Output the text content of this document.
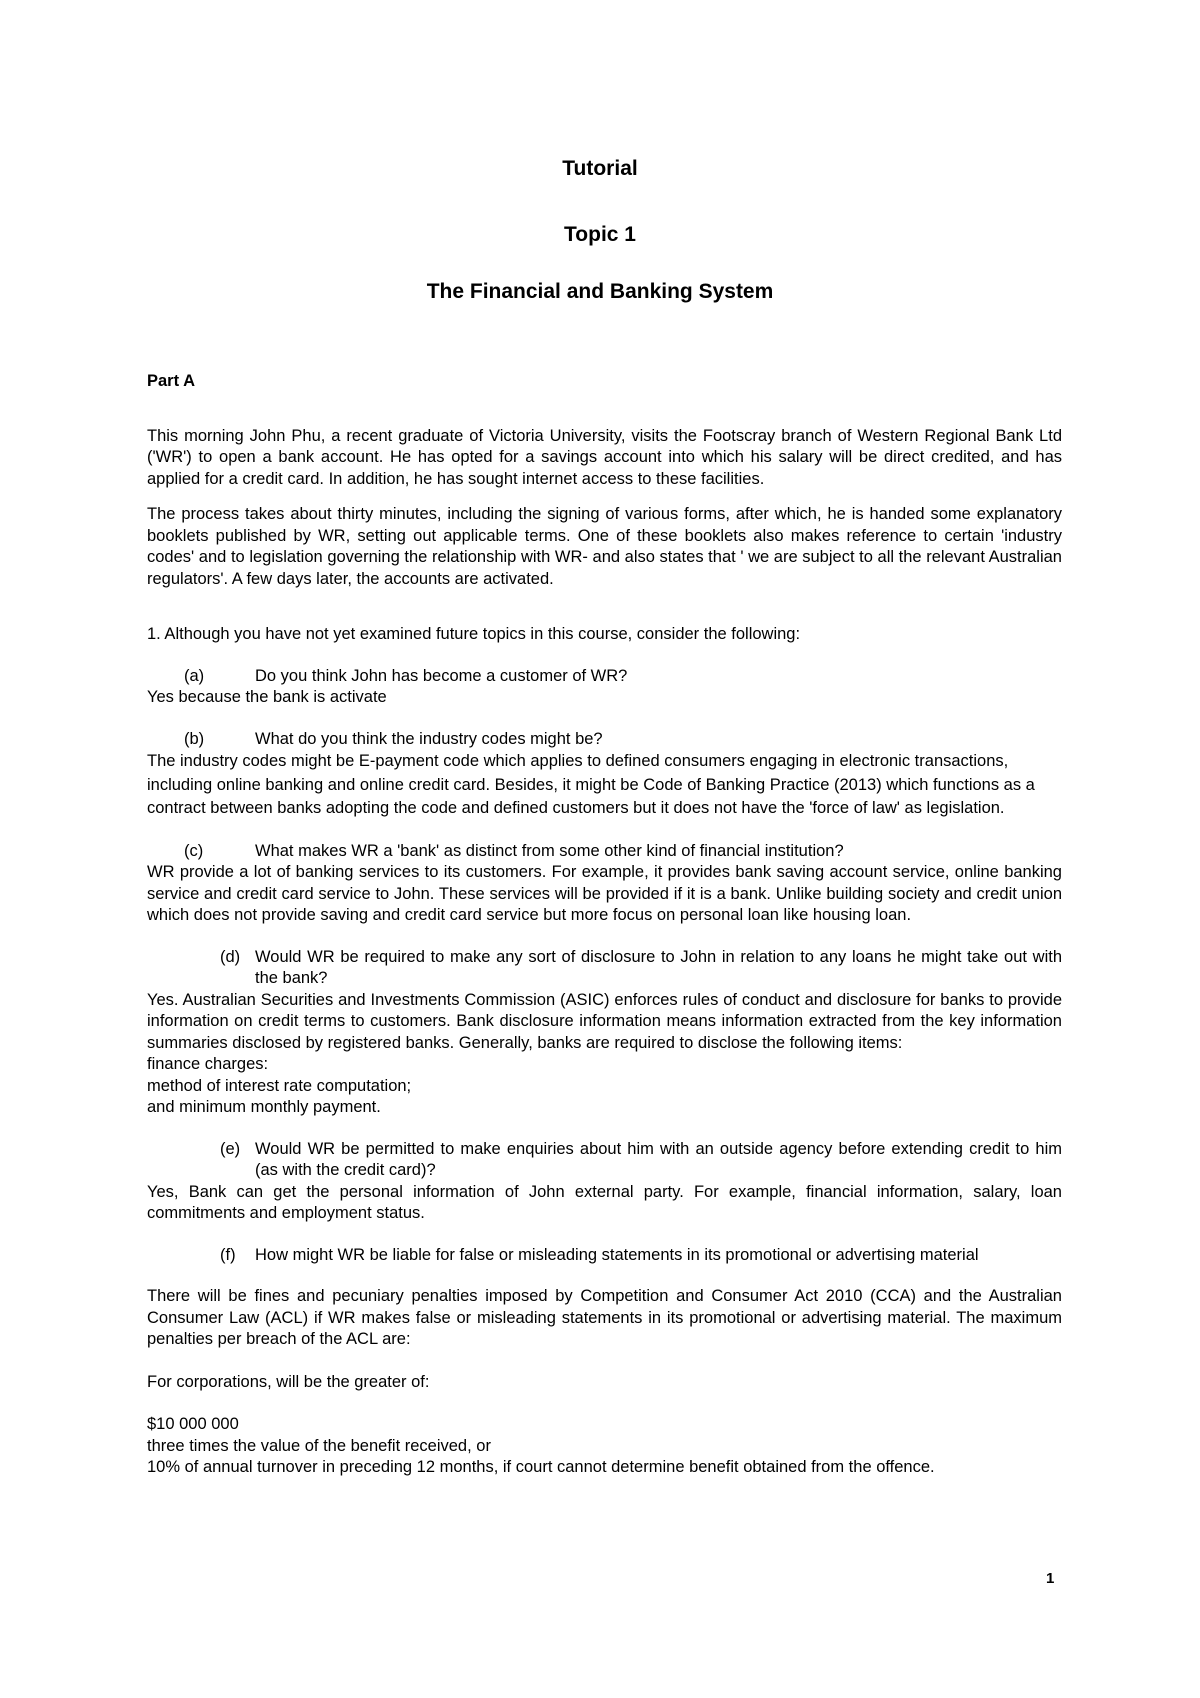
Tutorial
Topic 1
The Financial and Banking System

Part A

This morning John Phu, a recent graduate of Victoria University, visits the Footscray branch of Western Regional Bank Ltd ('WR') to open a bank account. He has opted for a savings account into which his salary will be direct credited, and has applied for a credit card. In addition, he has sought internet access to these facilities.

The process takes about thirty minutes, including the signing of various forms, after which, he is handed some explanatory booklets published by WR, setting out applicable terms. One of these booklets also makes reference to certain 'industry codes' and to legislation governing the relationship with WR- and also states that ' we are subject to all the relevant Australian regulators'. A few days later, the accounts are activated.

1. Although you have not yet examined future topics in this course, consider the following:

(a)	Do you think John has become a customer of WR?

Yes because the bank is activate

(b)	What do you think the industry codes might be?

The industry codes might be E-payment code which applies to defined consumers engaging in electronic transactions, including online banking and online credit card. Besides, it might be Code of Banking Practice (2013) which functions as a contract between banks adopting the code and defined customers but it does not have the 'force of law' as legislation.

(c)	What makes WR a 'bank' as distinct from some other kind of financial institution?

WR provide a lot of banking services to its customers. For example, it provides bank saving account service, online banking service and credit card service to John. These services will be provided if it is a bank. Unlike building society and credit union which does not provide saving and credit card service but more focus on personal loan like housing loan.

(d) Would WR be required to make any sort of disclosure to John in relation to any loans he might take out with the bank?

Yes. Australian Securities and Investments Commission (ASIC) enforces rules of conduct and disclosure for banks to provide information on credit terms to customers. Bank disclosure information means information extracted from the key information summaries disclosed by registered banks. Generally, banks are required to disclose the following items:

finance charges:

method of interest rate computation;

and minimum monthly payment.

(e) Would WR be permitted to make enquiries about him with an outside agency before extending credit to him (as with the credit card)?

Yes, Bank can get the personal information of John external party. For example, financial information, salary, loan commitments and employment status.

(f)	How might WR be liable for false or misleading statements in its promotional or advertising material

There will be fines and pecuniary penalties imposed by Competition and Consumer Act 2010 (CCA) and the Australian Consumer Law (ACL) if WR makes false or misleading statements in its promotional or advertising material. The maximum penalties per breach of the ACL are:

For corporations, will be the greater of:

$10 000 000

three times the value of the benefit received, or

10% of annual turnover in preceding 12 months, if court cannot determine benefit obtained from the offence.

1
